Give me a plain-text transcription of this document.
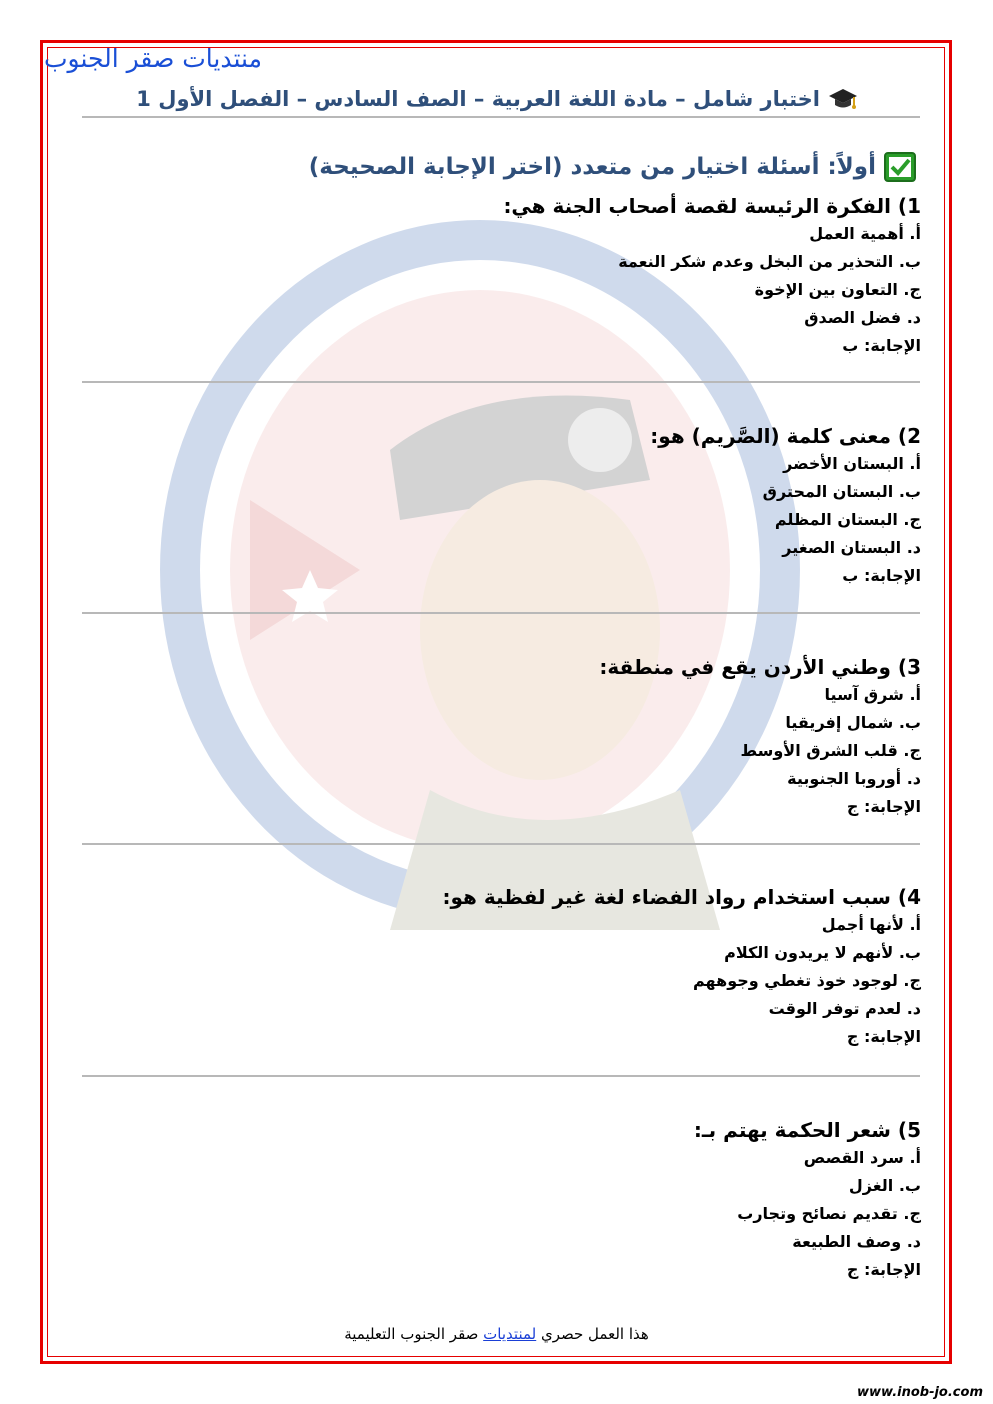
منتديات صقر الجنوب
اختبار شامل – مادة اللغة العربية – الصف السادس – الفصل الأول 1
أولاً: أسئلة اختيار من متعدد (اختر الإجابة الصحيحة)
1) الفكرة الرئيسة لقصة أصحاب الجنة هي:
أ. أهمية العمل
ب. التحذير من البخل وعدم شكر النعمة
ج. التعاون بين الإخوة
د. فضل الصدق
الإجابة: ب
2) معنى كلمة (الصَّريم) هو:
أ. البستان الأخضر
ب. البستان المحترق
ج. البستان المظلم
د. البستان الصغير
الإجابة: ب
3) وطني الأردن يقع في منطقة:
أ. شرق آسيا
ب. شمال إفريقيا
ج. قلب الشرق الأوسط
د. أوروبا الجنوبية
الإجابة: ج
4) سبب استخدام رواد الفضاء لغة غير لفظية هو:
أ. لأنها أجمل
ب. لأنهم لا يريدون الكلام
ج. لوجود خوذ تغطي وجوههم
د. لعدم توفر الوقت
الإجابة: ج
5) شعر الحكمة يهتم بـ:
أ. سرد القصص
ب. الغزل
ج. تقديم نصائح وتجارب
د. وصف الطبيعة
الإجابة: ج
هذا العمل حصري لمنتديات صقر الجنوب التعليمية
www.inob-jo.com
